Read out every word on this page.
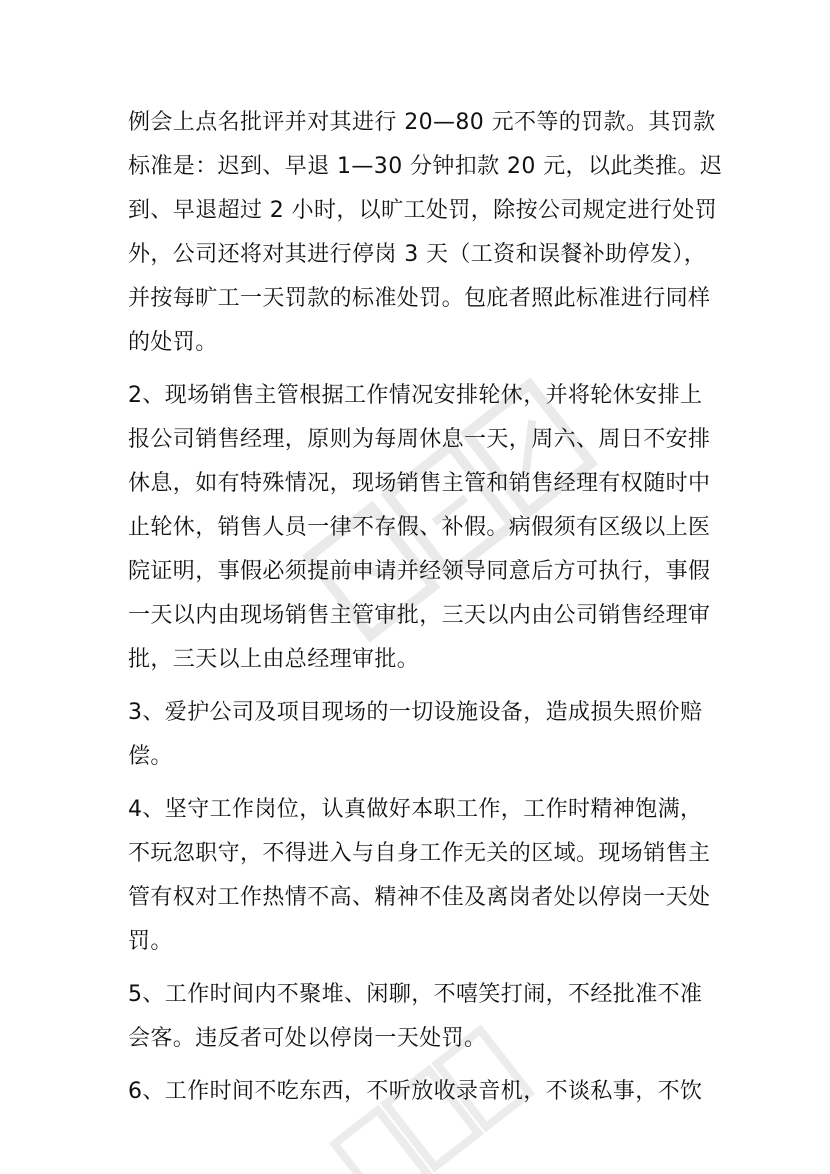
例会上点名批评并对其进行 20—80 元不等的罚款。其罚款
标准是：迟到、早退 1—30 分钟扣款 20 元，以此类推。迟
到、早退超过 2 小时，以旷工处罚，除按公司规定进行处罚
外，公司还将对其进行停岗 3 天（工资和误餐补助停发），
并按每旷工一天罚款的标准处罚。包庇者照此标准进行同样
的处罚。
2、现场销售主管根据工作情况安排轮休，并将轮休安排上
报公司销售经理，原则为每周休息一天，周六、周日不安排
休息，如有特殊情况，现场销售主管和销售经理有权随时中
止轮休，销售人员一律不存假、补假。病假须有区级以上医
院证明，事假必须提前申请并经领导同意后方可执行，事假
一天以内由现场销售主管审批，三天以内由公司销售经理审
批，三天以上由总经理审批。
3、爱护公司及项目现场的一切设施设备，造成损失照价赔
偿。
4、坚守工作岗位，认真做好本职工作，工作时精神饱满，
不玩忽职守，不得进入与自身工作无关的区域。现场销售主
管有权对工作热情不高、精神不佳及离岗者处以停岗一天处
罚。
5、工作时间内不聚堆、闲聊，不嘻笑打闹，不经批准不准
会客。违反者可处以停岗一天处罚。
6、工作时间不吃东西，不听放收录音机，不谈私事，不饮
